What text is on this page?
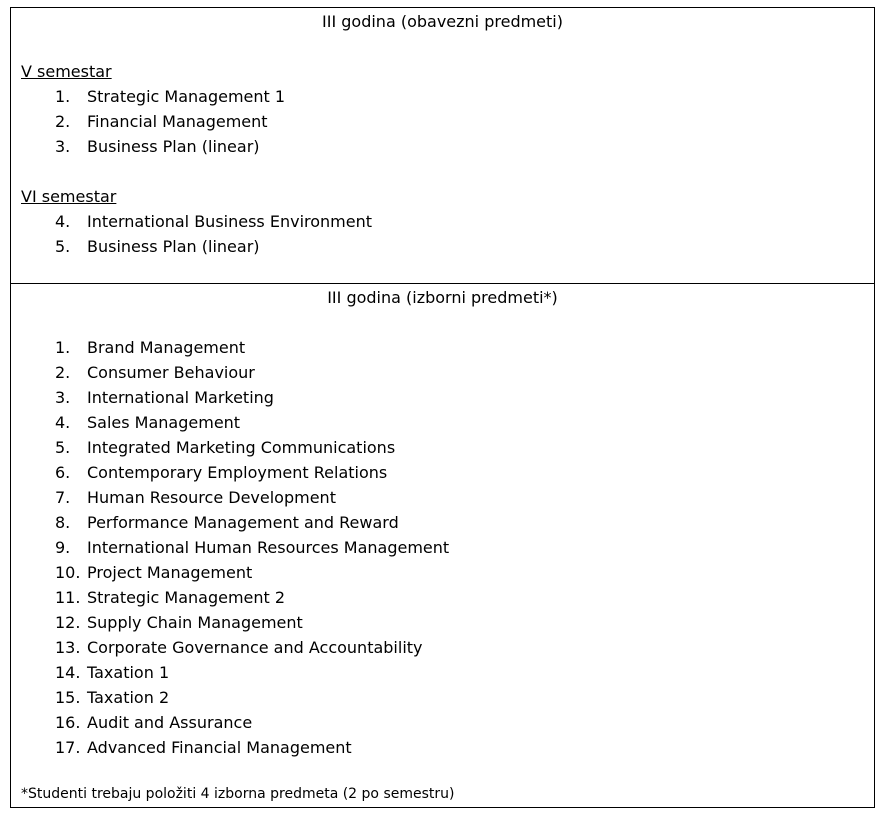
III godina (obavezni predmeti)
V semestar
1.	Strategic Management 1
2.	Financial Management
3.	Business Plan (linear)
VI semestar
4.	International Business Environment
5.	Business Plan (linear)
III godina (izborni predmeti*)
1.	Brand Management
2.	Consumer Behaviour
3.	International Marketing
4.	Sales Management
5.	Integrated Marketing Communications
6.	Contemporary Employment Relations
7.	Human Resource Development
8.	Performance Management and Reward
9.	International Human Resources Management
10. Project Management
11. Strategic Management 2
12. Supply Chain Management
13. Corporate Governance and Accountability
14. Taxation 1
15. Taxation 2
16. Audit and Assurance
17. Advanced Financial Management
*Studenti trebaju položiti 4 izborna predmeta (2 po semestru)
